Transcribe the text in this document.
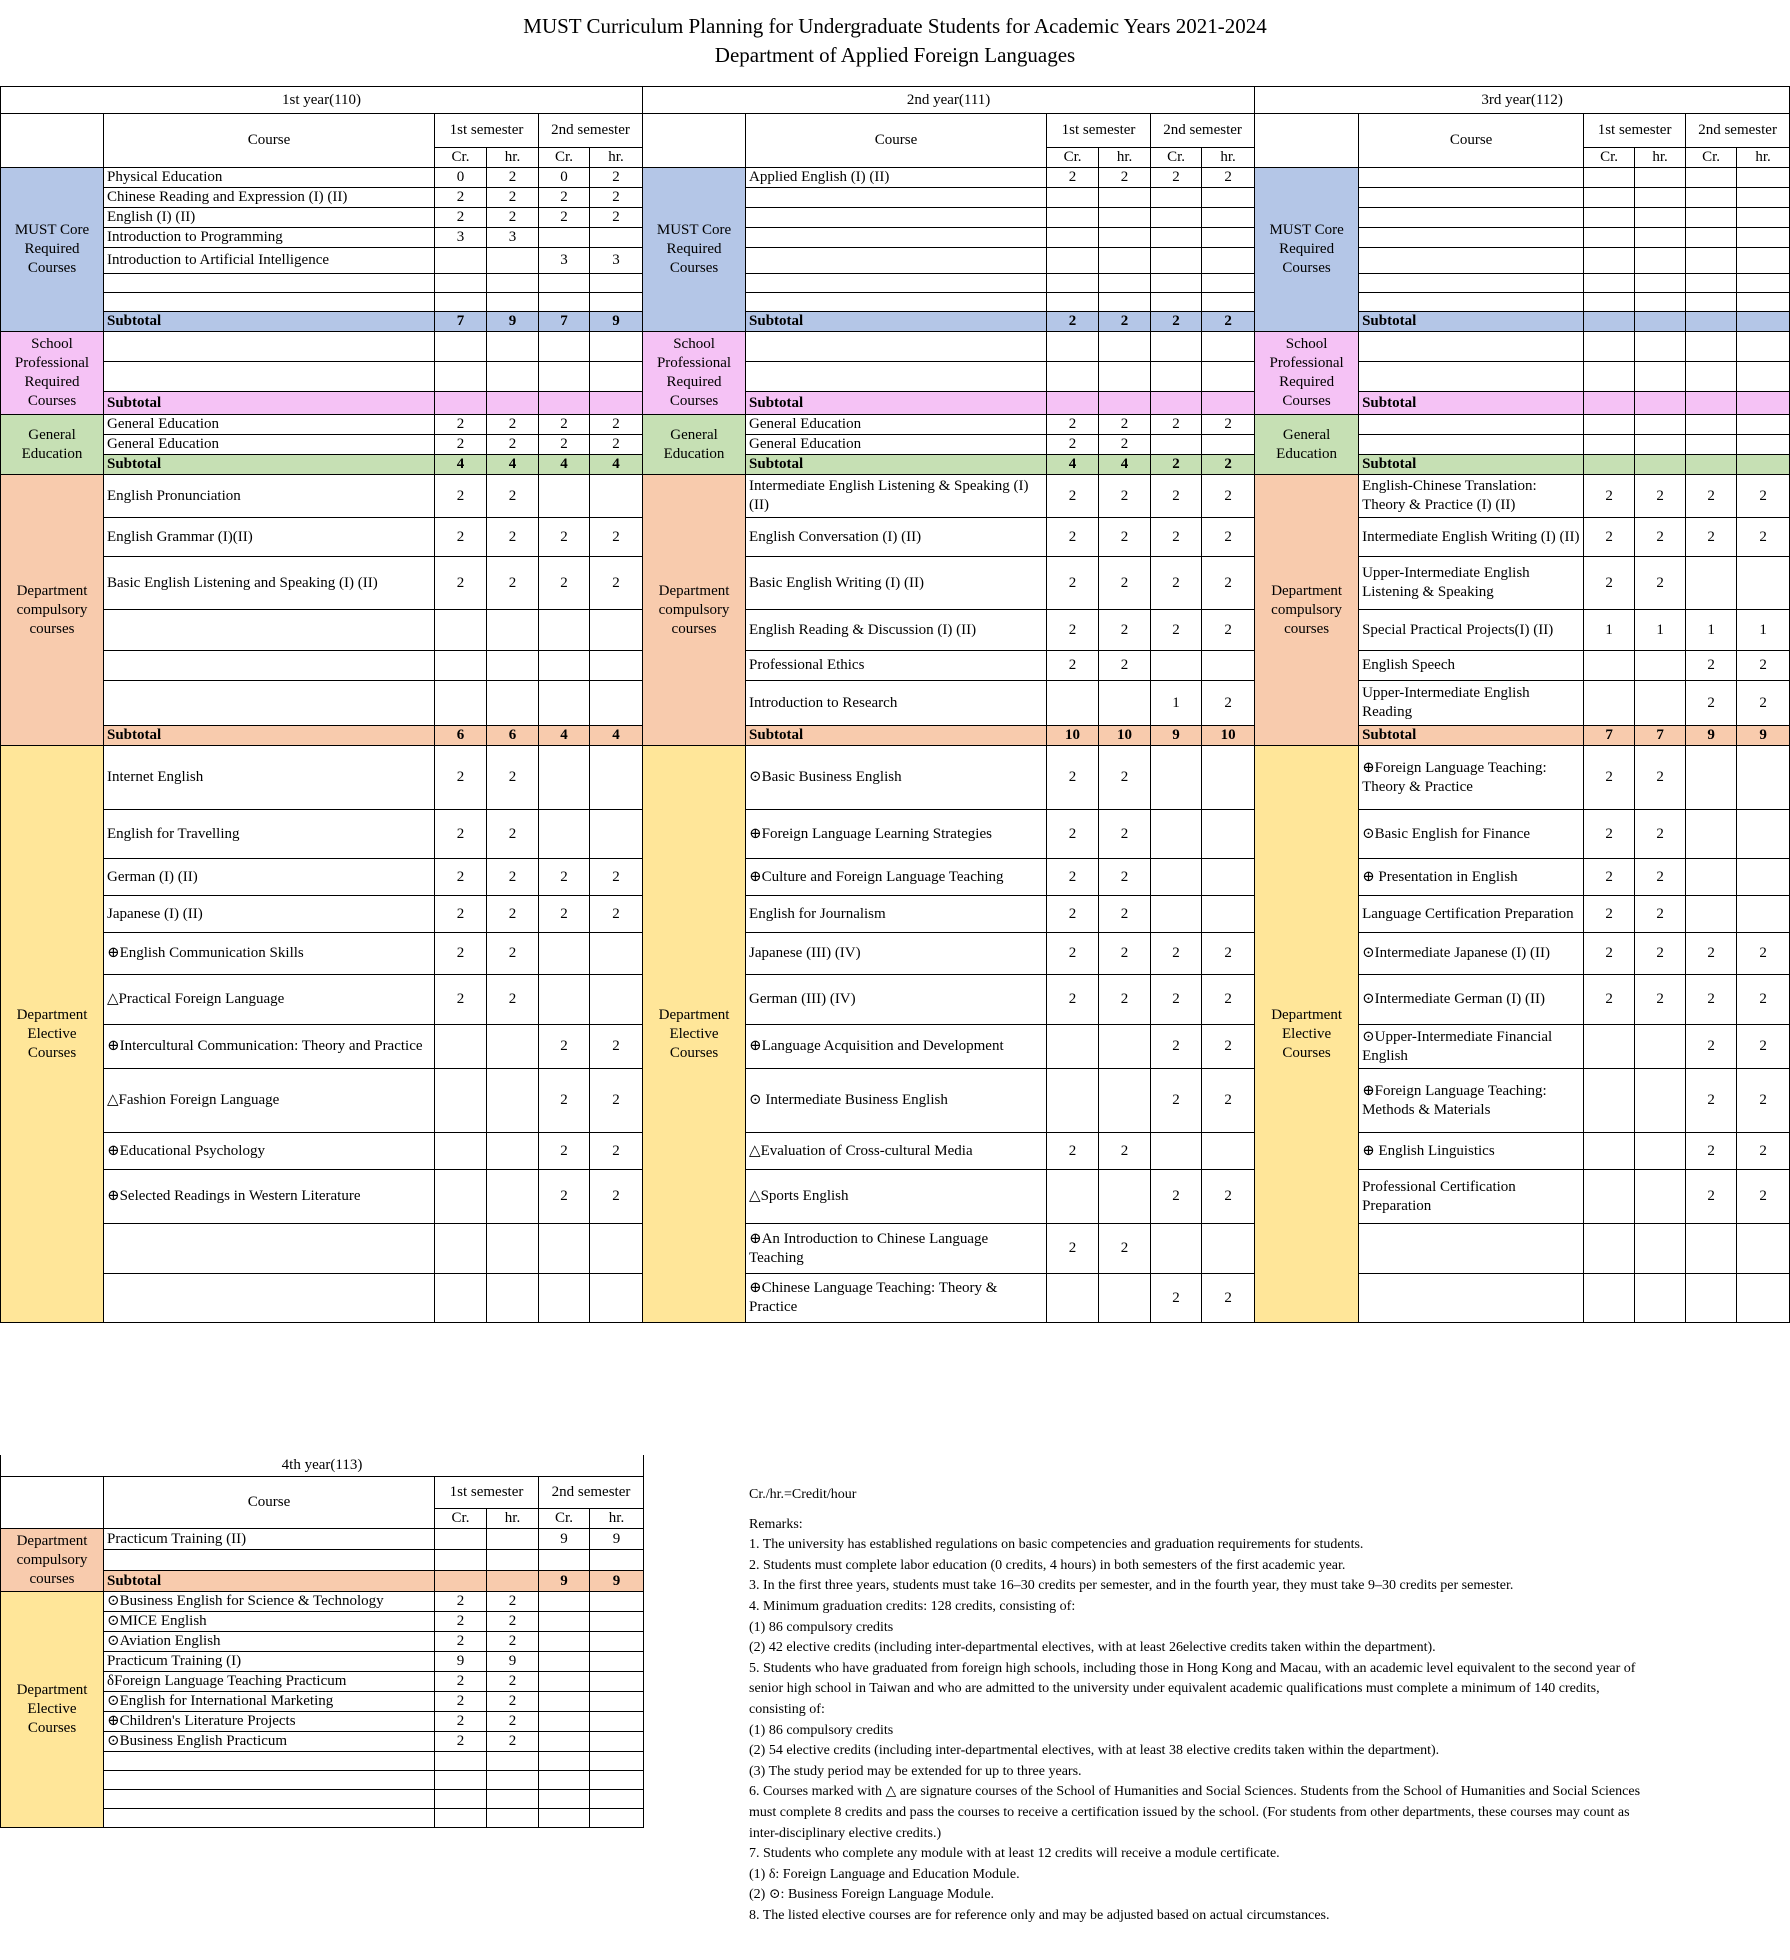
MUST Curriculum Planning for Undergraduate Students for Academic Years 2021-2024
Department of Applied Foreign Languages
1st year(110)						2nd year(111)						3rd year(112)					
	Course	1st semester		2nd semester			Course	1st semester		2nd semester			Course	1st semester		2nd semester	
		Cr.	hr.	Cr.	hr.			Cr.	hr.	Cr.	hr.			Cr.	hr.	Cr.	hr.
MUST Core Required Courses	Physical Education	0	2	0	2	MUST Core Required Courses	Applied English (I) (II)	2	2	2	2	MUST Core Required Courses					
	Chinese Reading and Expression (I) (II)	2	2	2	2												
	English (I) (II)	2	2	2	2												
	Introduction to Programming	3	3														
	Introduction to Artificial Intelligence			3	3												

	Subtotal	7	9	7	9		Subtotal	2	2	2	2		Subtotal				
School Professional Required Courses						School Professional Required Courses						School Professional Required Courses					

	Subtotal						Subtotal						Subtotal				
General Education	General Education	2	2	2	2	General Education	General Education	2	2	2	2	General Education					
	General Education	2	2	2	2		General Education	2	2								
	Subtotal	4	4	4	4		Subtotal	4	4	2	2		Subtotal				
Department compulsory courses	English Pronunciation	2	2			Department compulsory courses	Intermediate English Listening & Speaking (I)(II)	2	2	2	2	Department compulsory courses	English-Chinese Translation: Theory & Practice (I) (II)	2	2	2	2
	English Grammar (I)(II)	2	2	2	2		English Conversation (I) (II)	2	2	2	2		Intermediate English Writing (I) (II)	2	2	2	2
	Basic English Listening and Speaking (I) (II)	2	2	2	2		Basic English Writing (I) (II)	2	2	2	2		Upper-Intermediate English Listening & Speaking	2	2		
							English Reading & Discussion (I) (II)	2	2	2	2		Special Practical Projects(I) (II)	1	1	1	1
							Professional Ethics	2	2				English Speech			2	2
							Introduction to Research			1	2		Upper-Intermediate English Reading			2	2
	Subtotal	6	6	4	4		Subtotal	10	10	9	10		Subtotal	7	7	9	9
Department Elective Courses	Internet English	2	2			Department Elective Courses	⊙Basic Business English	2	2			Department Elective Courses	⊕Foreign Language Teaching: Theory & Practice	2	2		
	English for Travelling	2	2				⊕Foreign Language Learning Strategies	2	2				⊙Basic English for Finance	2	2		
	German (I) (II)	2	2	2	2		⊕Culture and Foreign Language Teaching	2	2				⊕ Presentation in English	2	2		
	Japanese (I) (II)	2	2	2	2		English for Journalism	2	2				Language Certification Preparation	2	2		
	⊕English Communication Skills	2	2				Japanese (III) (IV)	2	2	2	2		⊙Intermediate Japanese (I) (II)	2	2	2	2
	△Practical Foreign Language	2	2				German (III) (IV)	2	2	2	2		⊙Intermediate German (I) (II)	2	2	2	2
	⊕Intercultural Communication: Theory and Practice			2	2		⊕Language Acquisition and Development			2	2		⊙Upper-Intermediate Financial English			2	2
	△Fashion Foreign Language			2	2		⊙ Intermediate Business English			2	2		⊕Foreign Language Teaching: Methods & Materials			2	2
	⊕Educational Psychology			2	2		△Evaluation of Cross-cultural Media	2	2				⊕ English Linguistics			2	2
	⊕Selected Readings in Western Literature			2	2		△Sports English			2	2		Professional Certification Preparation			2	2
							⊕An Introduction to Chinese Language Teaching	2	2								
							⊕Chinese Language Teaching: Theory & Practice			2	2						
4th year(113)					
	Course	1st semester		2nd semester	
		Cr.	hr.	Cr.	hr.
Department compulsory courses	Practicum Training (II)			9	9

	Subtotal			9	9
Department Elective Courses	⊙Business English for Science & Technology	2	2		
	⊙MICE English	2	2		
	⊙Aviation English	2	2		
	Practicum Training (I)	9	9		
	δForeign Language Teaching Practicum	2	2		
	⊙English for International Marketing	2	2		
	⊕Children's Literature Projects	2	2		
	⊙Business English Practicum	2	2		

Cr./hr.=Credit/hour
Remarks:
1. The university has established regulations on basic competencies and graduation requirements for students.
2. Students must complete labor education (0 credits, 4 hours) in both semesters of the first academic year.
3. In the first three years, students must take 16–30 credits per semester, and in the fourth year, they must take 9–30 credits per semester.
4. Minimum graduation credits: 128 credits, consisting of:
(1) 86 compulsory credits
(2) 42 elective credits (including inter-departmental electives, with at least 26elective credits taken within the department).
5. Students who have graduated from foreign high schools, including those in Hong Kong and Macau, with an academic level equivalent to the second year of
senior high school in Taiwan and who are admitted to the university under equivalent academic qualifications must complete a minimum of 140 credits,
consisting of:
(1) 86 compulsory credits
(2) 54 elective credits (including inter-departmental electives, with at least 38 elective credits taken within the department).
(3) The study period may be extended for up to three years.
6. Courses marked with △ are signature courses of the School of Humanities and Social Sciences. Students from the School of Humanities and Social Sciences
must complete 8 credits and pass the courses to receive a certification issued by the school. (For students from other departments, these courses may count as
inter-disciplinary elective credits.)
7. Students who complete any module with at least 12 credits will receive a module certificate.
(1) δ: Foreign Language and Education Module.
(2) ⊙: Business Foreign Language Module.
8. The listed elective courses are for reference only and may be adjusted based on actual circumstances.
